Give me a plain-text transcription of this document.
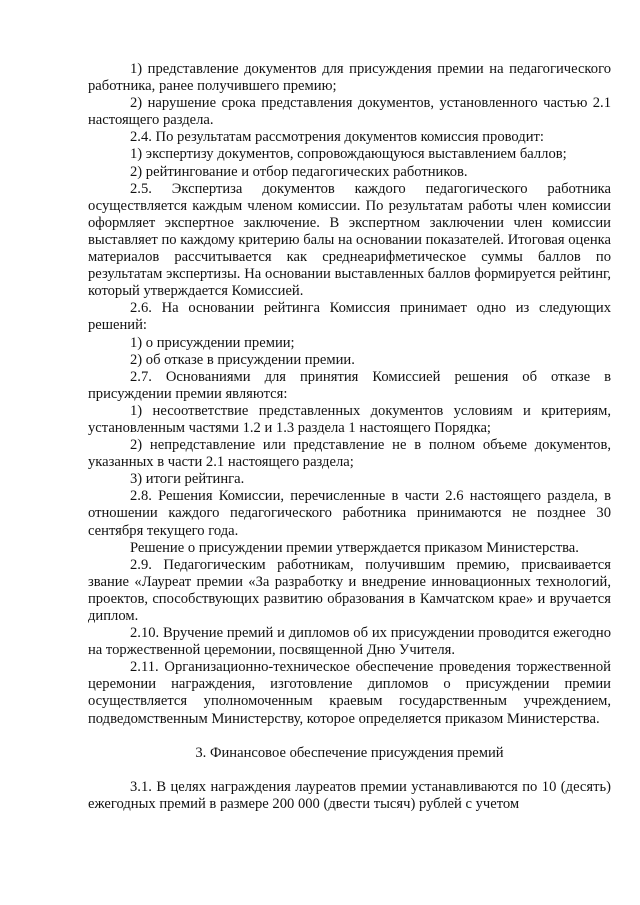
1) представление документов для присуждения премии на педагогического работника, ранее получившего премию;

2) нарушение срока представления документов, установленного частью 2.1 настоящего раздела.

2.4. По результатам рассмотрения документов комиссия проводит:

1) экспертизу документов, сопровождающуюся выставлением баллов;

2) рейтингование и отбор педагогических работников.

2.5. Экспертиза документов каждого педагогического работника осуществляется каждым членом комиссии. По результатам работы член комиссии оформляет экспертное заключение. В экспертном заключении член комиссии выставляет по каждому критерию балы на основании показателей. Итоговая оценка материалов рассчитывается как среднеарифметическое суммы баллов по результатам экспертизы. На основании выставленных баллов формируется рейтинг, который утверждается Комиссией.

2.6. На основании рейтинга Комиссия принимает одно из следующих решений:

1) о присуждении премии;

2) об отказе в присуждении премии.

2.7. Основаниями для принятия Комиссией решения об отказе в присуждении премии являются:

1) несоответствие представленных документов условиям и критериям, установленным частями 1.2 и 1.3 раздела 1 настоящего Порядка;

2) непредставление или представление не в полном объеме документов, указанных в части 2.1 настоящего раздела;

3) итоги рейтинга.

2.8. Решения Комиссии, перечисленные в части 2.6 настоящего раздела, в отношении каждого педагогического работника принимаются не позднее 30 сентября текущего года.

Решение о присуждении премии утверждается приказом Министерства.

2.9. Педагогическим работникам, получившим премию, присваивается звание «Лауреат премии «За разработку и внедрение инновационных технологий, проектов, способствующих развитию образования в Камчатском крае» и вручается диплом.

2.10. Вручение премий и дипломов об их присуждении проводится ежегодно на торжественной церемонии, посвященной Дню Учителя.

2.11. Организационно-техническое обеспечение проведения торжественной церемонии награждения, изготовление дипломов о присуждении премии осуществляется уполномоченным краевым государственным учреждением, подведомственным Министерству, которое определяется приказом Министерства.

3. Финансовое обеспечение присуждения премий

3.1. В целях награждения лауреатов премии устанавливаются по 10 (десять) ежегодных премий в размере 200 000 (двести тысяч) рублей с учетом
